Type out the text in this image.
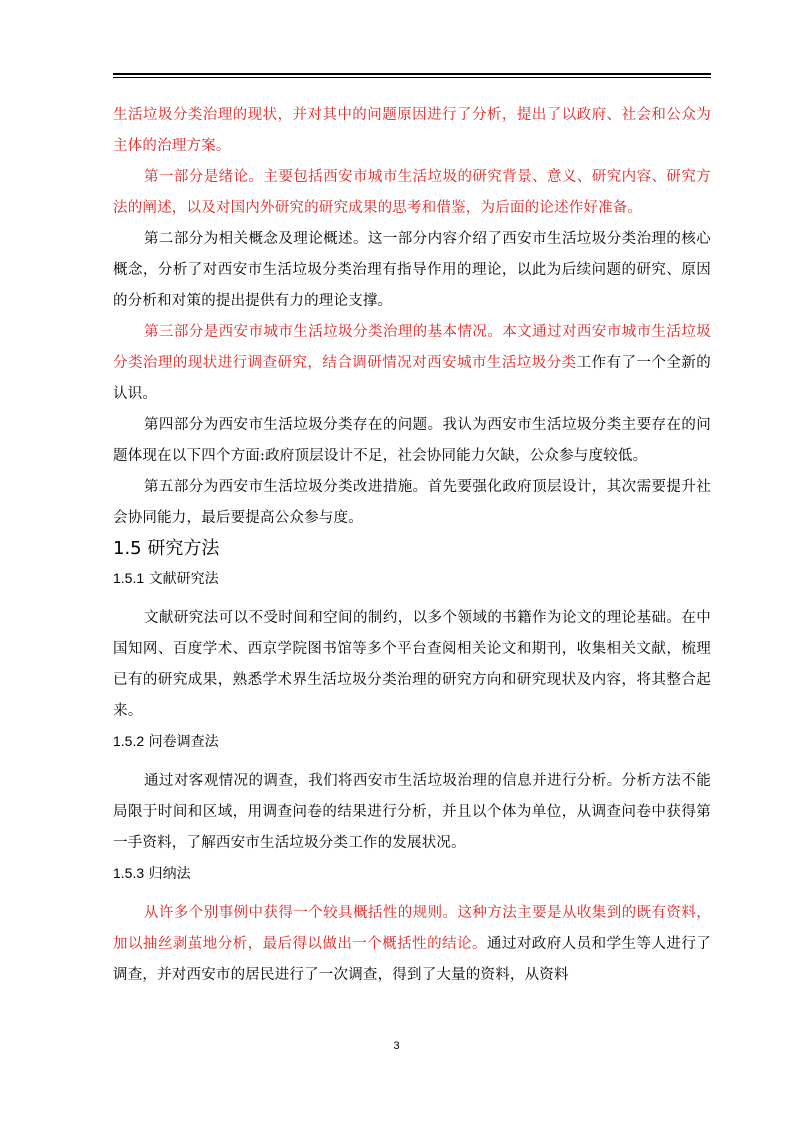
生活垃圾分类治理的现状，并对其中的问题原因进行了分析，提出了以政府、社会和公众为主体的治理方案。

第一部分是绪论。主要包括西安市城市生活垃圾的研究背景、意义、研究内容、研究方法的阐述，以及对国内外研究的研究成果的思考和借鉴，为后面的论述作好准备。

第二部分为相关概念及理论概述。这一部分内容介绍了西安市生活垃圾分类治理的核心概念，分析了对西安市生活垃圾分类治理有指导作用的理论，以此为后续问题的研究、原因的分析和对策的提出提供有力的理论支撑。

第三部分是西安市城市生活垃圾分类治理的基本情况。本文通过对西安市城市生活垃圾分类治理的现状进行调查研究，结合调研情况对西安城市生活垃圾分类工作有了一个全新的认识。

第四部分为西安市生活垃圾分类存在的问题。我认为西安市生活垃圾分类主要存在的问题体现在以下四个方面:政府顶层设计不足，社会协同能力欠缺，公众参与度较低。

第五部分为西安市生活垃圾分类改进措施。首先要强化政府顶层设计，其次需要提升社会协同能力，最后要提高公众参与度。

1.5 研究方法
1.5.1 文献研究法

文献研究法可以不受时间和空间的制约，以多个领域的书籍作为论文的理论基础。在中国知网、百度学术、西京学院图书馆等多个平台查阅相关论文和期刊，收集相关文献，梳理已有的研究成果，熟悉学术界生活垃圾分类治理的研究方向和研究现状及内容，将其整合起来。

1.5.2 问卷调查法

通过对客观情况的调查，我们将西安市生活垃圾治理的信息并进行分析。分析方法不能局限于时间和区域，用调查问卷的结果进行分析，并且以个体为单位，从调查问卷中获得第一手资料，了解西安市生活垃圾分类工作的发展状况。

1.5.3 归纳法

从许多个别事例中获得一个较具概括性的规则。这种方法主要是从收集到的既有资料，加以抽丝剥茧地分析，最后得以做出一个概括性的结论。通过对政府人员和学生等人进行了调查，并对西安市的居民进行了一次调查，得到了大量的资料，从资料

3
